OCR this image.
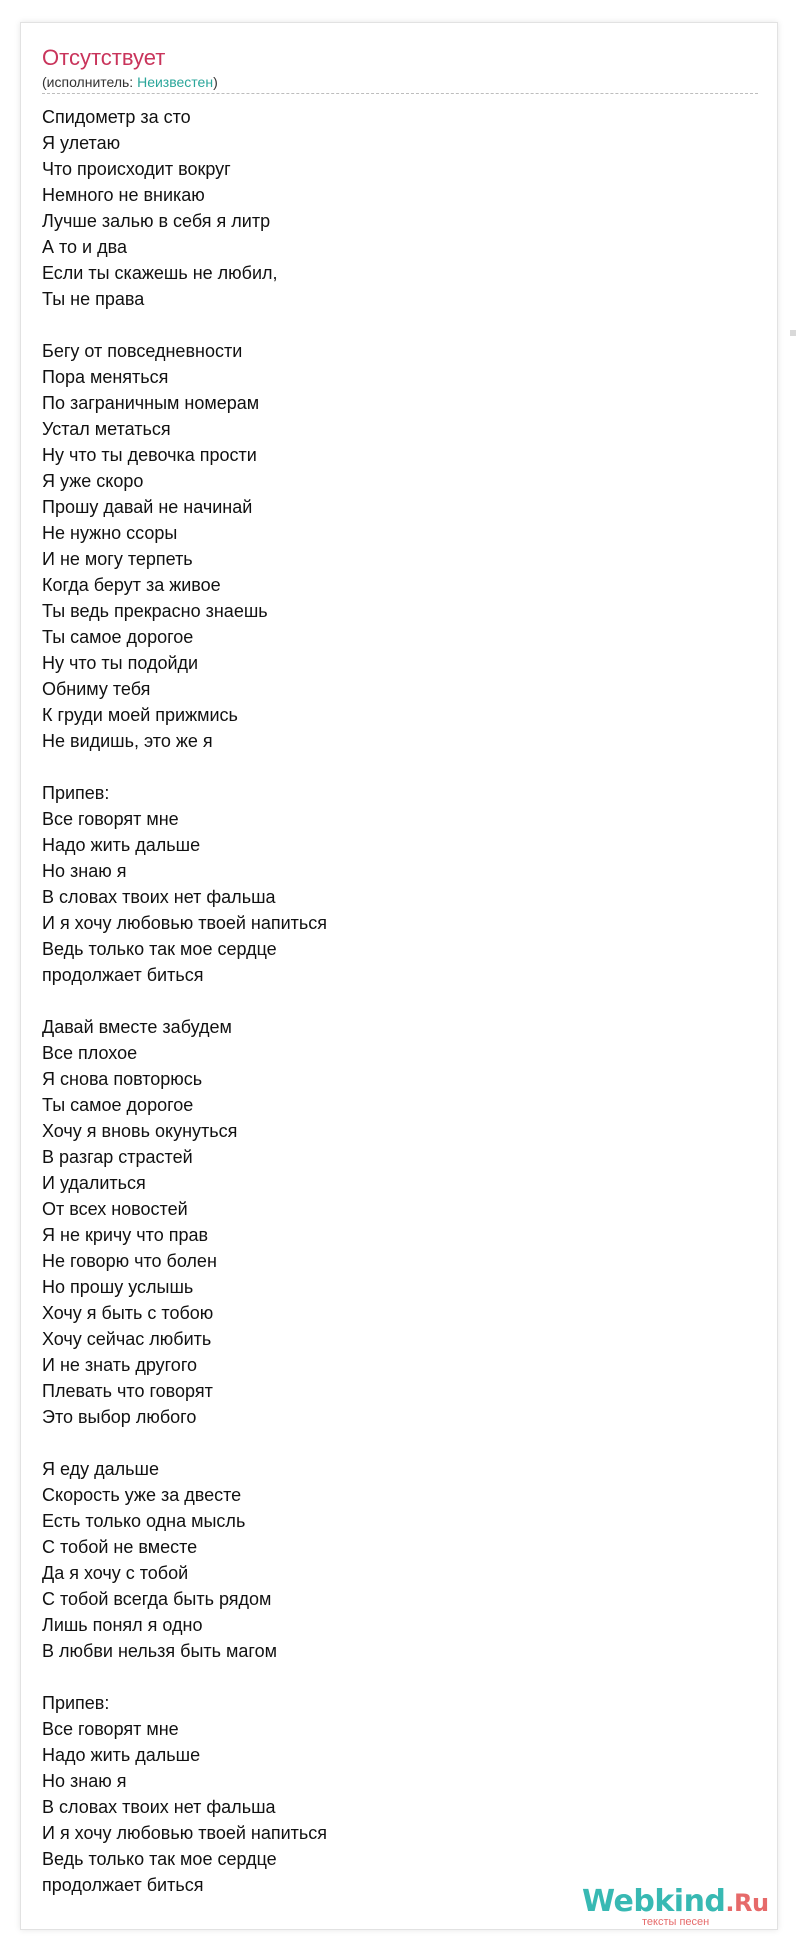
Отсутствует
(исполнитель: Неизвестен)
Спидометр за сто
Я улетаю
Что происходит вокруг
Немного не вникаю
Лучше залью в себя я литр
А то и два
Если ты скажешь не любил,
Ты не права
Бегу от повседневности
Пора меняться
По заграничным номерам
Устал метаться
Ну что ты девочка прости
Я уже скоро
Прошу давай не начинай
Не нужно ссоры
И не могу терпеть
Когда берут за живое
Ты ведь прекрасно знаешь
Ты самое дорогое
Ну что ты подойди
Обниму тебя
К груди моей прижмись
Не видишь, это же я
Припев:
Все говорят мне
Надо жить дальше
Но знаю я
В словах твоих нет фальша
И я хочу любовью твоей напиться
Ведь только так мое сердце
продолжает биться
Давай вместе забудем
Все плохое
Я снова повторюсь
Ты самое дорогое
Хочу я вновь окунуться
В разгар страстей
И удалиться
От всех новостей
Я не кричу что прав
Не говорю что болен
Но прошу услышь
Хочу я быть с тобою
Хочу сейчас любить
И не знать другого
Плевать что говорят
Это выбор любого
Я еду дальше
Скорость уже за двесте
Есть только одна мысль
С тобой не вместе
Да я хочу с тобой
С тобой всегда быть рядом
Лишь понял я одно
В любви нельзя быть магом
Припев:
Все говорят мне
Надо жить дальше
Но знаю я
В словах твоих нет фальша
И я хочу любовью твоей напиться
Ведь только так мое сердце
продолжает биться	Webkind.Ru
тексты песен
